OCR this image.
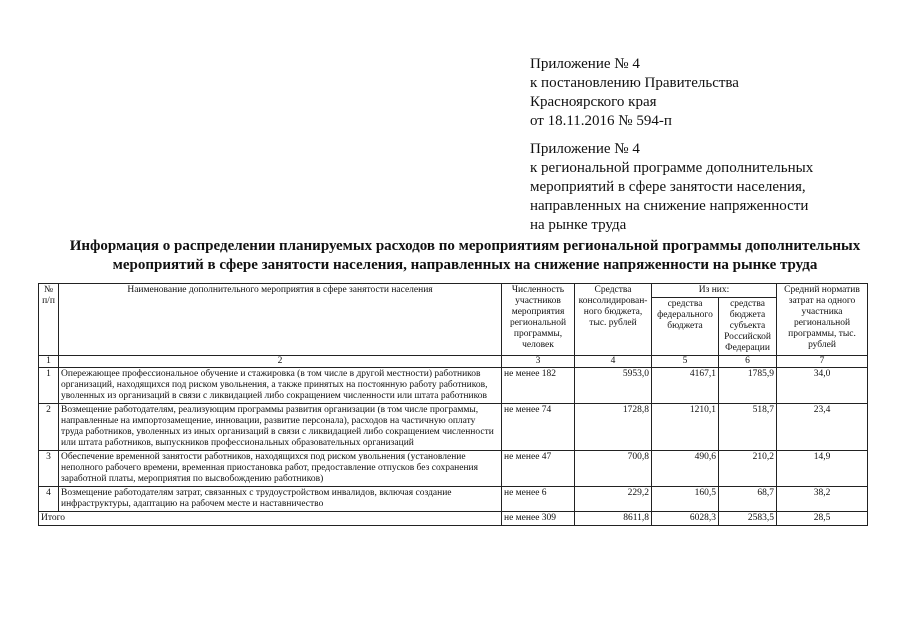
Приложение № 4
к постановлению Правительства
Красноярского края
от 18.11.2016 № 594-п
Приложение № 4
к региональной программе дополнительных
мероприятий в сфере занятости населения,
направленных на снижение напряженности
на рынке труда
Информация о распределении планируемых расходов по мероприятиям региональной программы дополнительных
мероприятий в сфере занятости населения, направленных на снижение напряженности на рынке труда
№ п/п	Наименование дополнительного мероприятия в сфере занятости населения	Численность участников мероприятия региональной программы, человек	Средства консолидирован-ного бюджета, тыс. рублей	Из них:		Средний норматив затрат на одного участника региональной программы, тыс. рублей
				средства федерального бюджета	средства бюджета субъекта Российской Федерации	
1	2	3	4	5	6	7
1	Опережающее профессиональное обучение и стажировка (в том числе в другой местности) работников организаций, находящихся под риском увольнения, а также принятых на постоянную работу работников, уволенных из организаций в связи с ликвидацией либо сокращением численности или штата работников	не менее 182	5953,0	4167,1	1785,9	34,0
2	Возмещение работодателям, реализующим программы развития организации (в том числе программы, направленные на импортозамещение, инновации, развитие персонала), расходов на частичную оплату труда работников, уволенных из иных организаций в связи с ликвидацией либо сокращением численности или штата работников, выпускников профессиональных образовательных организаций	не менее 74	1728,8	1210,1	518,7	23,4
3	Обеспечение временной занятости работников, находящихся под риском увольнения (установление неполного рабочего времени, временная приостановка работ, предоставление отпусков без сохранения заработной платы, мероприятия по высвобождению работников)	не менее 47	700,8	490,6	210,2	14,9
4	Возмещение работодателям затрат, связанных с трудоустройством инвалидов, включая создание инфраструктуры, адаптацию на рабочем месте и наставничество	не менее 6	229,2	160,5	68,7	38,2
Итого		не менее 309	8611,8	6028,3	2583,5	28,5
